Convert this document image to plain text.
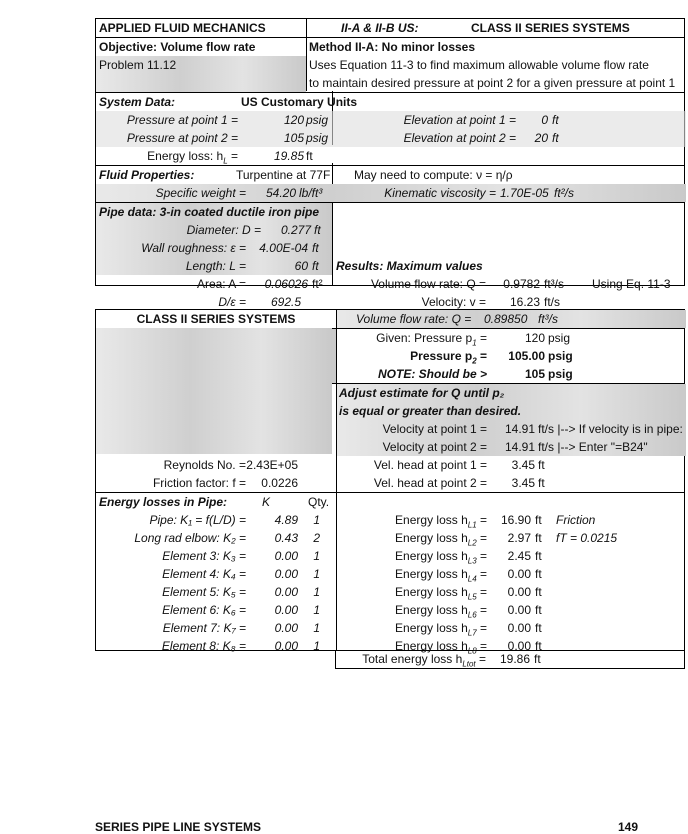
APPLIED FLUID MECHANICS	II-A & II-B US:	CLASS II SERIES SYSTEMS
Objective: Volume flow rate	Method II-A: No minor losses
Problem 11.12	Uses Equation 11-3 to find maximum allowable volume flow rate
to maintain desired pressure at point 2 for a given pressure at point 1
System Data:	US Customary Units
Pressure at point 1 =	120 psig	Elevation at point 1 =	0 ft
Pressure at point 2 =	105 psig	Elevation at point 2 =	20 ft
Energy loss: $h_L$ =	19.85 ft
Fluid Properties:	Turpentine at 77F May need to compute: ν = η/ρ
Specific weight =	54.20 lb/ft³	Kinematic viscosity = 1.70E-05 ft²/s
Pipe data: 3-in coated ductile iron pipe
Diameter: D =	0.277 ft
Wall roughness: ε =	4.00E-04 ft
Length: L =	60 ft Results: Maximum values
Area: A =	0.06026 ft²	Volume flow rate: Q =	0.9782 ft³/s Using Eq. 11-3
D/ε =	692.5	Velocity: v =	16.23 ft/s
CLASS II SERIES SYSTEMS	Volume flow rate: Q = 0.89850 ft³/s
Given: Pressure $p_1$ =	120 psig
Pressure $p_2$ =	105.00 psig
NOTE: Should be >	105 psig
Adjust estimate for Q until p₂
is equal or greater than desired.
Velocity at point 1 =	14.91 ft/s |--> If velocity is in pipe:
Velocity at point 2 =	14.91 ft/s |--> Enter "=B24"
Reynolds No. = 2.43E+05	Vel. head at point 1 =	3.45 ft
Friction factor: f =	0.0226	Vel. head at point 2 =	3.45 ft
Energy losses in Pipe:	K	Qty.
Pipe: K₁ = f(L/D) =	4.89	1	Energy loss $h_{L1}$ =	16.90 ft Friction
Long rad elbow: K₂ =	0.43	2	Energy loss $h_{L2}$ =	2.97 ft fT = 0.0215
Element 3: K₃ =	0.00	1	Energy loss $h_{L3}$ =	2.45 ft
Element 4: K₄ =	0.00	1	Energy loss $h_{L4}$ =	0.00 ft
Element 5: K₅ =	0.00	1	Energy loss $h_{L5}$ =	0.00 ft
Element 6: K₆ =	0.00	1	Energy loss $h_{L6}$ =	0.00 ft
Element 7: K₇ =	0.00	1	Energy loss $h_{L7}$ =	0.00 ft
Element 8: K₈ =	0.00	1	Energy loss $h_{L8}$ =	0.00 ft
Total energy loss $h_{Ltot}$ =	19.86 ft
SERIES PIPE LINE SYSTEMS	149
